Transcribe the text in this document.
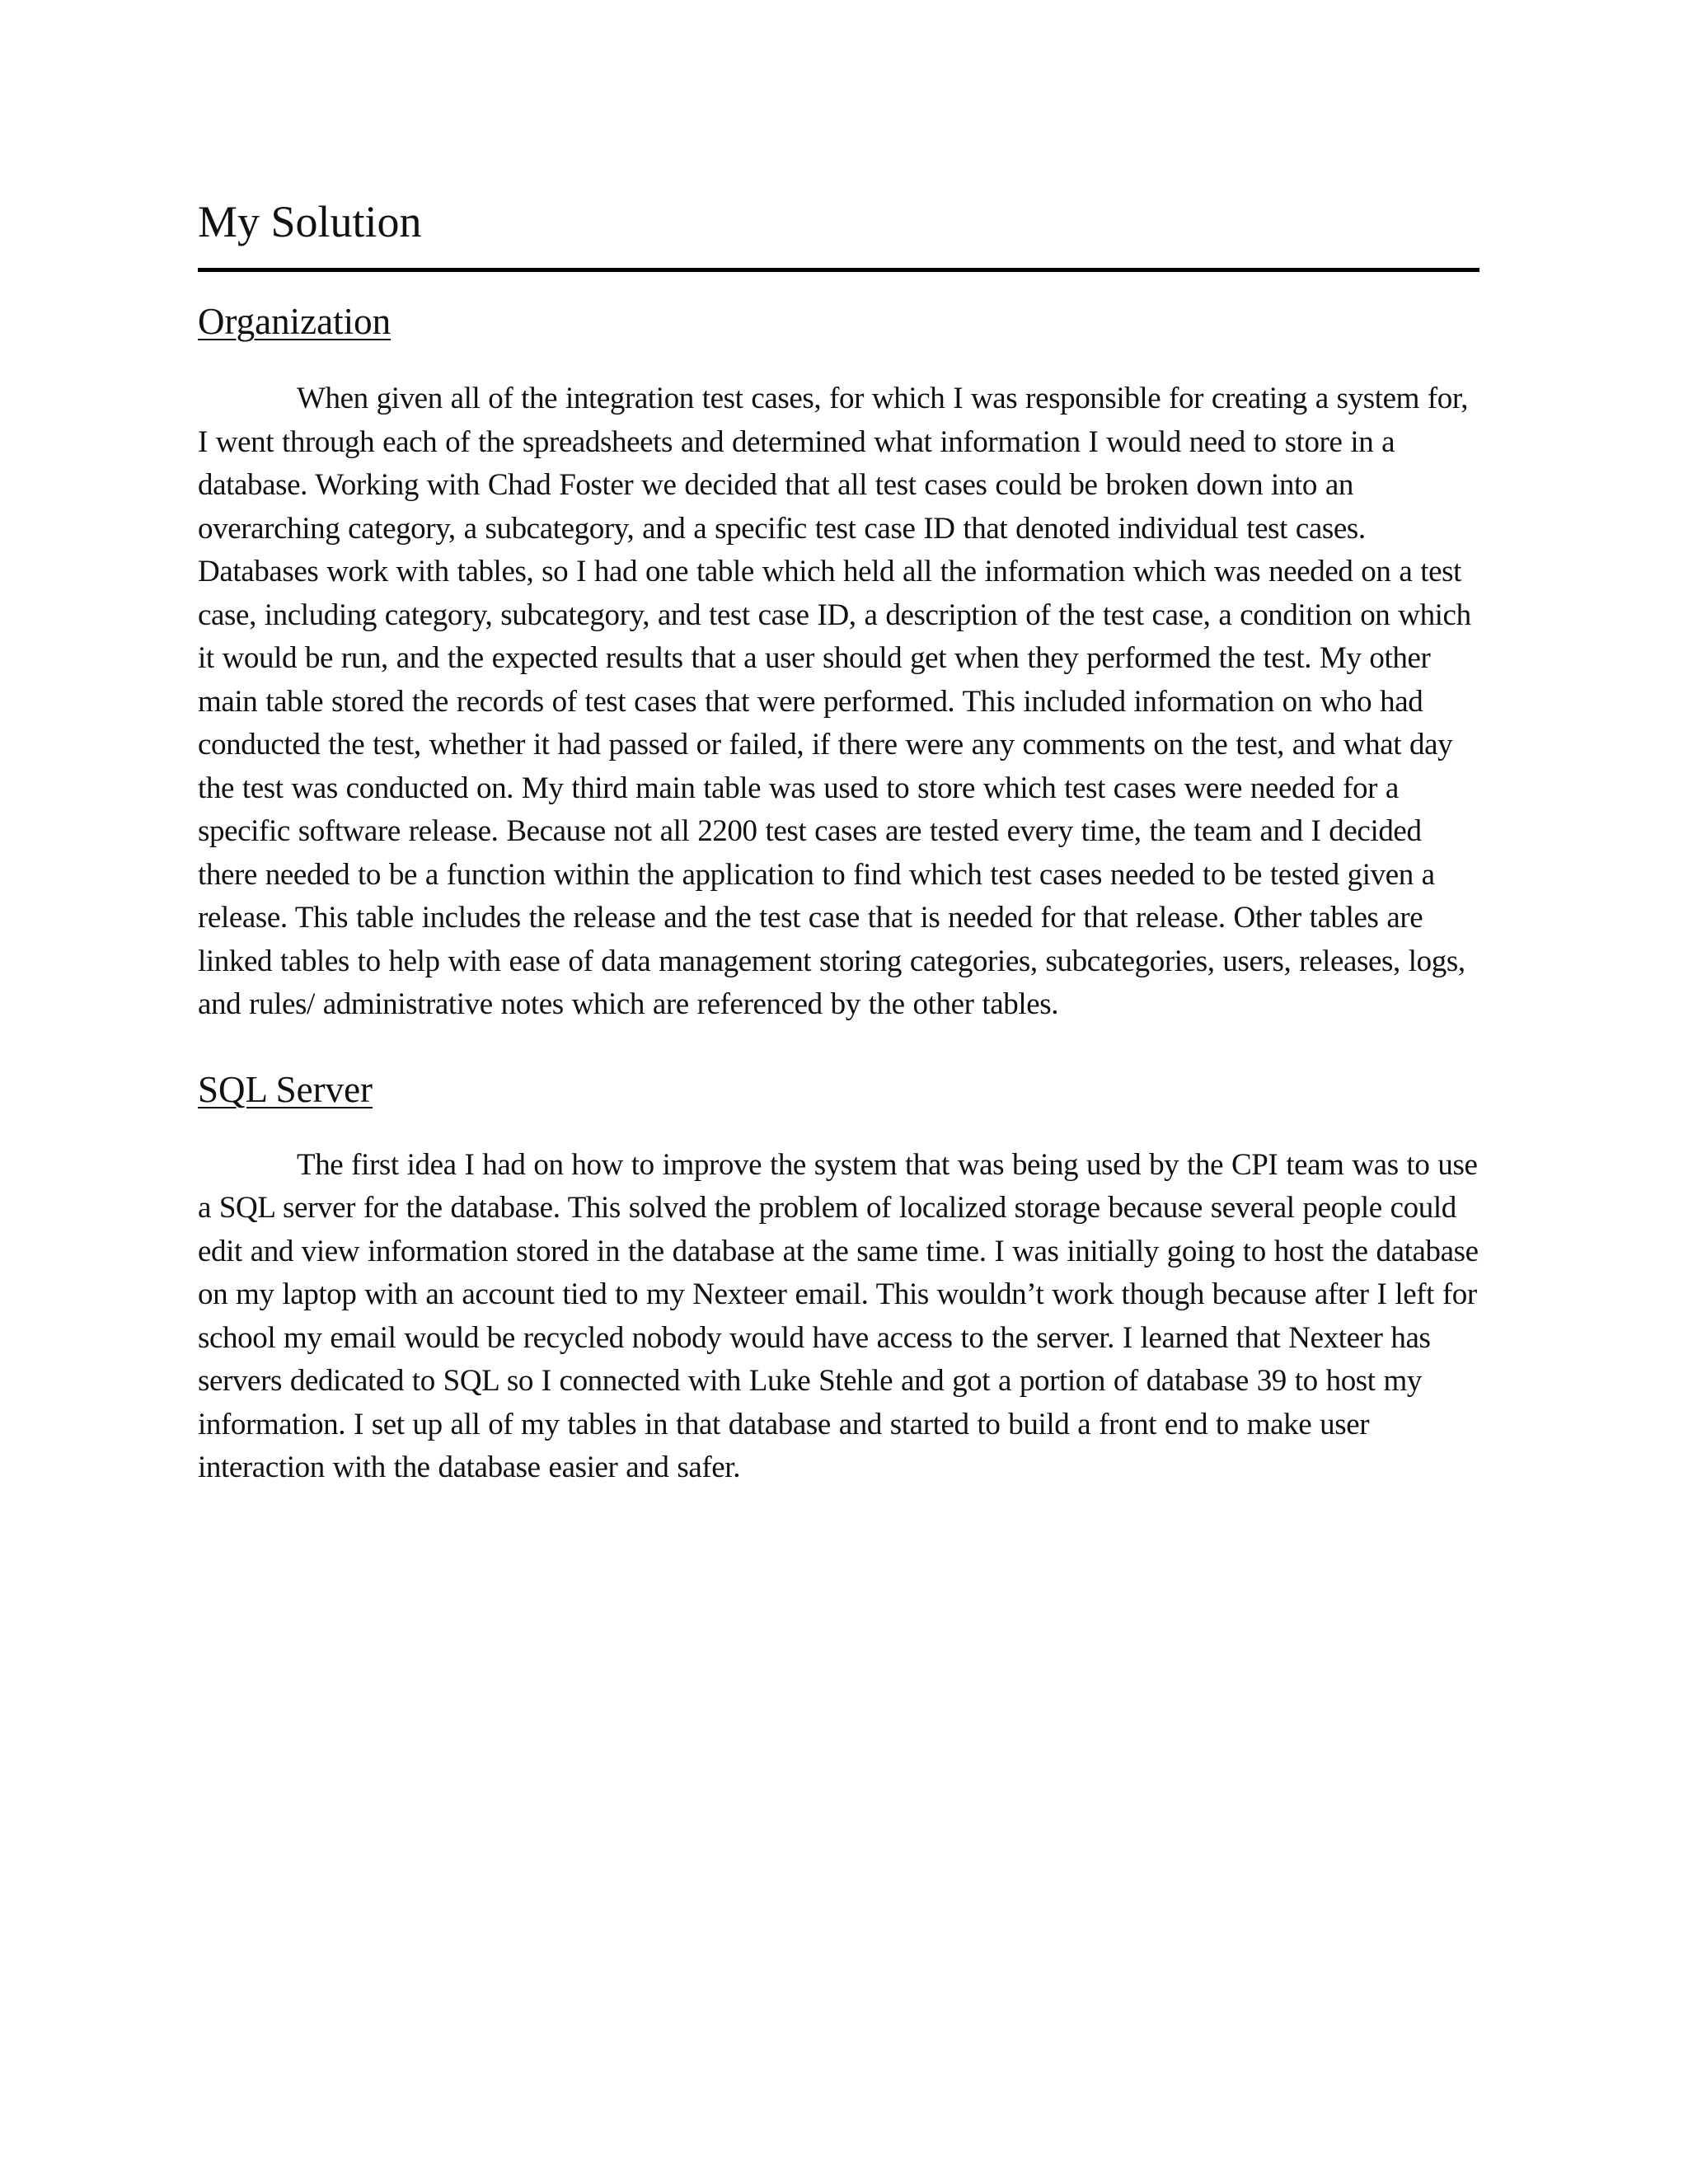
My Solution
Organization

When given all of the integration test cases, for which I was responsible for creating a system for, I went through each of the spreadsheets and determined what information I would need to store in a database. Working with Chad Foster we decided that all test cases could be broken down into an overarching category, a subcategory, and a specific test case ID that denoted individual test cases. Databases work with tables, so I had one table which held all the information which was needed on a test case, including category, subcategory, and test case ID, a description of the test case, a condition on which it would be run, and the expected results that a user should get when they performed the test. My other main table stored the records of test cases that were performed. This included information on who had conducted the test, whether it had passed or failed, if there were any comments on the test, and what day the test was conducted on. My third main table was used to store which test cases were needed for a specific software release. Because not all 2200 test cases are tested every time, the team and I decided there needed to be a function within the application to find which test cases needed to be tested given a release. This table includes the release and the test case that is needed for that release. Other tables are linked tables to help with ease of data management storing categories, subcategories, users, releases, logs, and rules/ administrative notes which are referenced by the other tables.

SQL Server

The first idea I had on how to improve the system that was being used by the CPI team was to use a SQL server for the database. This solved the problem of localized storage because several people could edit and view information stored in the database at the same time. I was initially going to host the database on my laptop with an account tied to my Nexteer email. This wouldn’t work though because after I left for school my email would be recycled nobody would have access to the server. I learned that Nexteer has servers dedicated to SQL so I connected with Luke Stehle and got a portion of database 39 to host my information. I set up all of my tables in that database and started to build a front end to make user interaction with the database easier and safer.
